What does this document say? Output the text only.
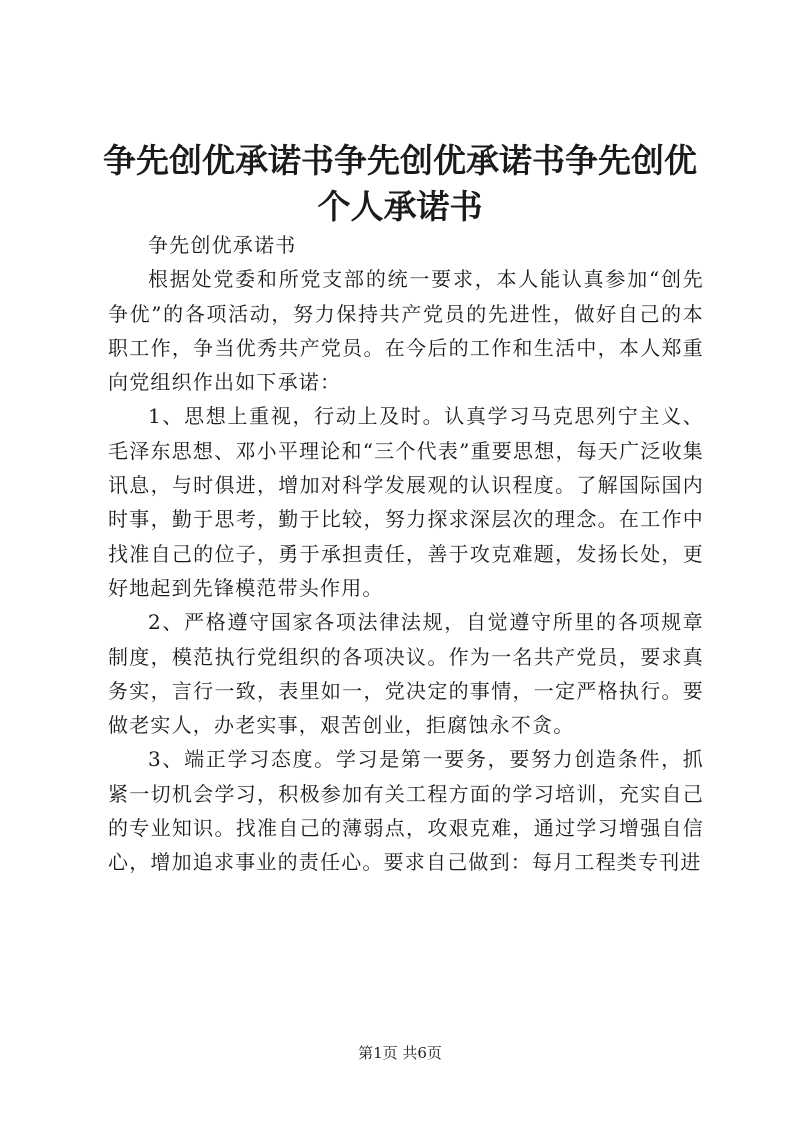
争先创优承诺书争先创优承诺书争先创优个人承诺书

争先创优承诺书

根据处党委和所党支部的统一要求，本人能认真参加“创先争优”的各项活动，努力保持共产党员的先进性，做好自己的本职工作，争当优秀共产党员。在今后的工作和生活中，本人郑重向党组织作出如下承诺：

1、思想上重视，行动上及时。认真学习马克思列宁主义、毛泽东思想、邓小平理论和“三个代表”重要思想，每天广泛收集讯息，与时俱进，增加对科学发展观的认识程度。了解国际国内时事，勤于思考，勤于比较，努力探求深层次的理念。在工作中找准自己的位子，勇于承担责任，善于攻克难题，发扬长处，更好地起到先锋模范带头作用。

2、严格遵守国家各项法律法规，自觉遵守所里的各项规章制度，模范执行党组织的各项决议。作为一名共产党员，要求真务实，言行一致，表里如一，党决定的事情，一定严格执行。要做老实人，办老实事，艰苦创业，拒腐蚀永不贪。

3、端正学习态度。学习是第一要务，要努力创造条件，抓紧一切机会学习，积极参加有关工程方面的学习培训，充实自己的专业知识。找准自己的薄弱点，攻艰克难，通过学习增强自信心，增加追求事业的责任心。要求自己做到：每月工程类专刊进

第1页 共6页
